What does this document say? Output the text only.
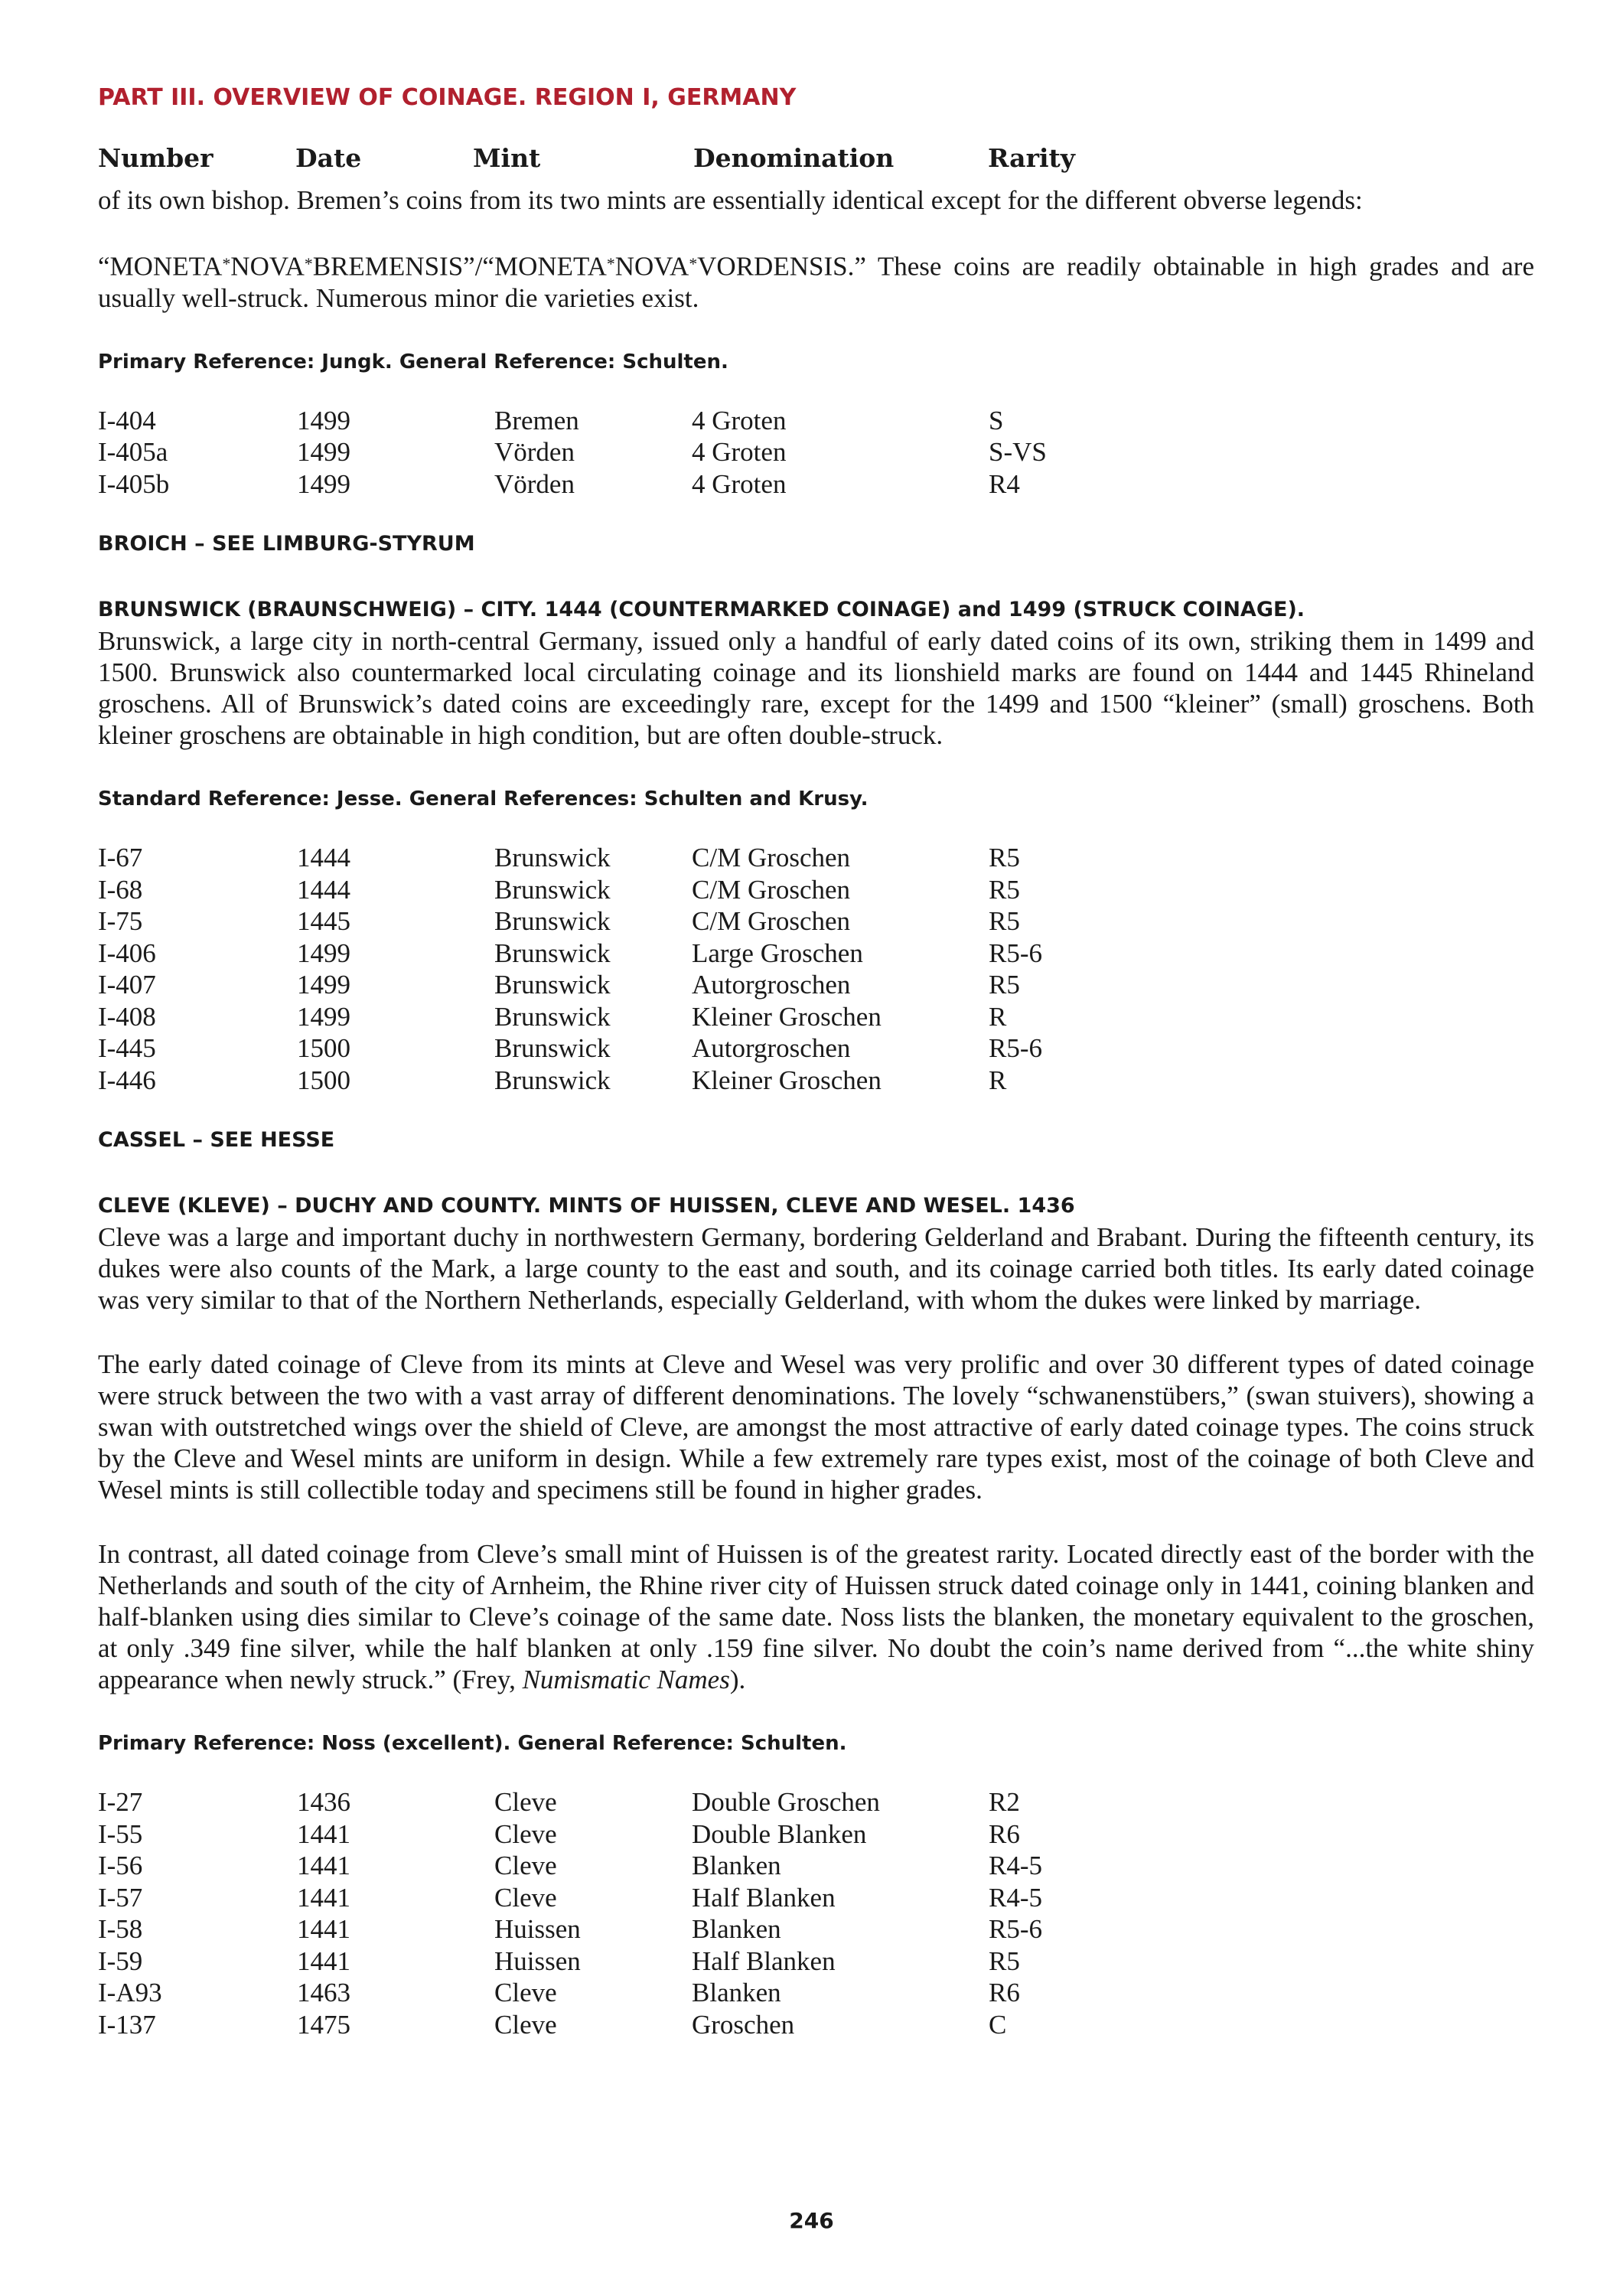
PART III. OVERVIEW OF COINAGE. REGION I, GERMANY
Number	Date	Mint	Denomination	Rarity

of its own bishop. Bremen’s coins from its two mints are essentially identical except for the different obverse legends:

“MONETA*NOVA*BREMENSIS”/“MONETA*NOVA*VORDENSIS.” These coins are readily obtainable in high grades and are usually well-struck. Numerous minor die varieties exist.

Primary Reference: Jungk. General Reference: Schulten.
I-404	1499	Bremen	4 Groten	S
I-405a	1499	Vörden	4 Groten	S-VS
I-405b	1499	Vörden	4 Groten	R4
BROICH – SEE LIMBURG-STYRUM
BRUNSWICK (BRAUNSCHWEIG) – CITY. 1444 (COUNTERMARKED COINAGE) and 1499 (STRUCK COINAGE).

Brunswick, a large city in north-central Germany, issued only a handful of early dated coins of its own, striking them in 1499 and 1500. Brunswick also countermarked local circulating coinage and its lionshield marks are found on 1444 and 1445 Rhineland groschens. All of Brunswick’s dated coins are exceedingly rare, except for the 1499 and 1500 “kleiner” (small) groschens. Both kleiner groschens are obtainable in high condition, but are often double-struck.

Standard Reference: Jesse. General References: Schulten and Krusy.
I-67	1444	Brunswick	C/M Groschen	R5
I-68	1444	Brunswick	C/M Groschen	R5
I-75	1445	Brunswick	C/M Groschen	R5
I-406	1499	Brunswick	Large Groschen	R5-6
I-407	1499	Brunswick	Autorgroschen	R5
I-408	1499	Brunswick	Kleiner Groschen	R
I-445	1500	Brunswick	Autorgroschen	R5-6
I-446	1500	Brunswick	Kleiner Groschen	R
CASSEL – SEE HESSE
CLEVE (KLEVE) – DUCHY AND COUNTY. MINTS OF HUISSEN, CLEVE AND WESEL. 1436

Cleve was a large and important duchy in northwestern Germany, bordering Gelderland and Brabant. During the fifteenth century, its dukes were also counts of the Mark, a large county to the east and south, and its coinage carried both titles. Its early dated coinage was very similar to that of the Northern Netherlands, especially Gelderland, with whom the dukes were linked by marriage.

The early dated coinage of Cleve from its mints at Cleve and Wesel was very prolific and over 30 different types of dated coinage were struck between the two with a vast array of different denominations. The lovely “schwanenstübers,” (swan stuivers), showing a swan with outstretched wings over the shield of Cleve, are amongst the most attractive of early dated coinage types. The coins struck by the Cleve and Wesel mints are uniform in design. While a few extremely rare types exist, most of the coinage of both Cleve and Wesel mints is still collectible today and specimens still be found in higher grades.

In contrast, all dated coinage from Cleve’s small mint of Huissen is of the greatest rarity. Located directly east of the border with the Netherlands and south of the city of Arnheim, the Rhine river city of Huissen struck dated coinage only in 1441, coining blanken and half-blanken using dies similar to Cleve’s coinage of the same date. Noss lists the blanken, the monetary equivalent to the groschen, at only .349 fine silver, while the half blanken at only .159 fine silver. No doubt the coin’s name derived from “...the white shiny appearance when newly struck.” (Frey, Numismatic Names).

Primary Reference: Noss (excellent). General Reference: Schulten.
I-27	1436	Cleve	Double Groschen	R2
I-55	1441	Cleve	Double Blanken	R6
I-56	1441	Cleve	Blanken	R4-5
I-57	1441	Cleve	Half Blanken	R4-5
I-58	1441	Huissen	Blanken	R5-6
I-59	1441	Huissen	Half Blanken	R5
I-A93	1463	Cleve	Blanken	R6
I-137	1475	Cleve	Groschen	C
246
